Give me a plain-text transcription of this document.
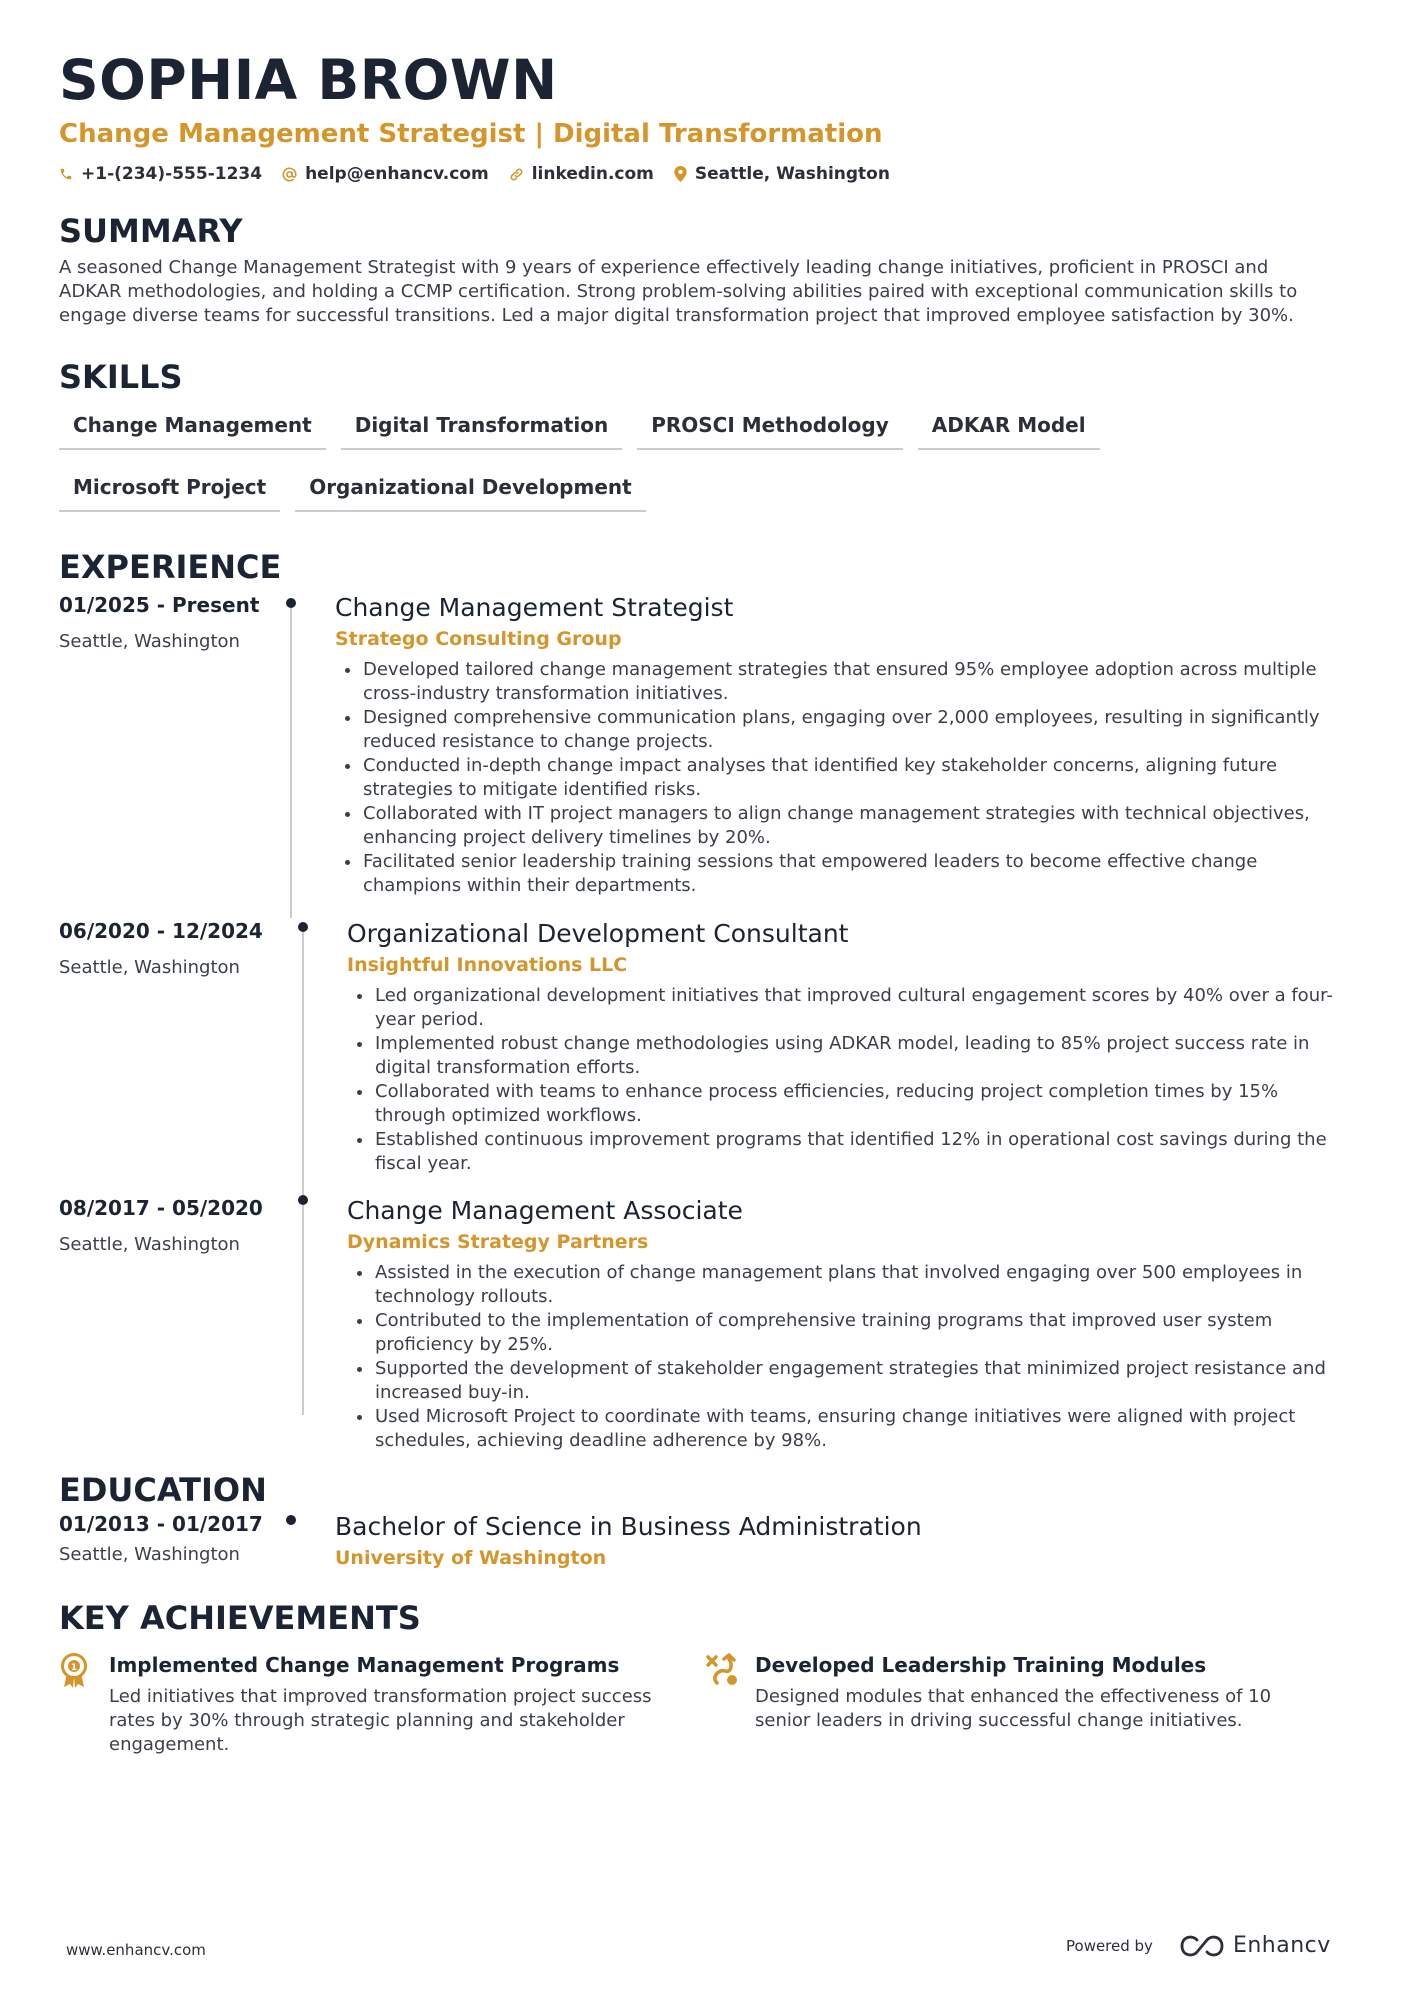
SOPHIA BROWN
Change Management Strategist | Digital Transformation
+1-(234)-555-1234	help@enhancv.com	linkedin.com Seattle, Washington
SUMMARY
A seasoned Change Management Strategist with 9 years of experience effectively leading change initiatives, proficient in PROSCI and ADKAR methodologies, and holding a CCMP certification. Strong problem-solving abilities paired with exceptional communication skills to engage diverse teams for successful transitions. Led a major digital transformation project that improved employee satisfaction by 30%.
SKILLS
Change Management	Digital Transformation	PROSCI Methodology	ADKAR Model
Microsoft Project	Organizational Development
EXPERIENCE
01/2025 - Present
Seattle, Washington
Change Management Strategist
Stratego Consulting Group
Developed tailored change management strategies that ensured 95% employee adoption across multiple cross-industry transformation initiatives.
Designed comprehensive communication plans, engaging over 2,000 employees, resulting in significantly reduced resistance to change projects.
Conducted in-depth change impact analyses that identified key stakeholder concerns, aligning future strategies to mitigate identified risks.
Collaborated with IT project managers to align change management strategies with technical objectives, enhancing project delivery timelines by 20%.
Facilitated senior leadership training sessions that empowered leaders to become effective change champions within their departments.
06/2020 - 12/2024
Seattle, Washington
Organizational Development Consultant
Insightful Innovations LLC
Led organizational development initiatives that improved cultural engagement scores by 40% over a four-year period.
Implemented robust change methodologies using ADKAR model, leading to 85% project success rate in digital transformation efforts.
Collaborated with teams to enhance process efficiencies, reducing project completion times by 15% through optimized workflows.
Established continuous improvement programs that identified 12% in operational cost savings during the fiscal year.
08/2017 - 05/2020
Seattle, Washington
Change Management Associate
Dynamics Strategy Partners
Assisted in the execution of change management plans that involved engaging over 500 employees in technology rollouts.
Contributed to the implementation of comprehensive training programs that improved user system proficiency by 25%.
Supported the development of stakeholder engagement strategies that minimized project resistance and increased buy-in.
Used Microsoft Project to coordinate with teams, ensuring change initiatives were aligned with project schedules, achieving deadline adherence by 98%.
EDUCATION
01/2013 - 01/2017
Seattle, Washington
Bachelor of Science in Business Administration
University of Washington
KEY ACHIEVEMENTS
1 Implemented Change Management Programs
Led initiatives that improved transformation project success rates by 30% through strategic planning and stakeholder engagement.
Developed Leadership Training Modules
Designed modules that enhanced the effectiveness of 10 senior leaders in driving successful change initiatives.
www.enhancv.com	Powered by	Enhancv
